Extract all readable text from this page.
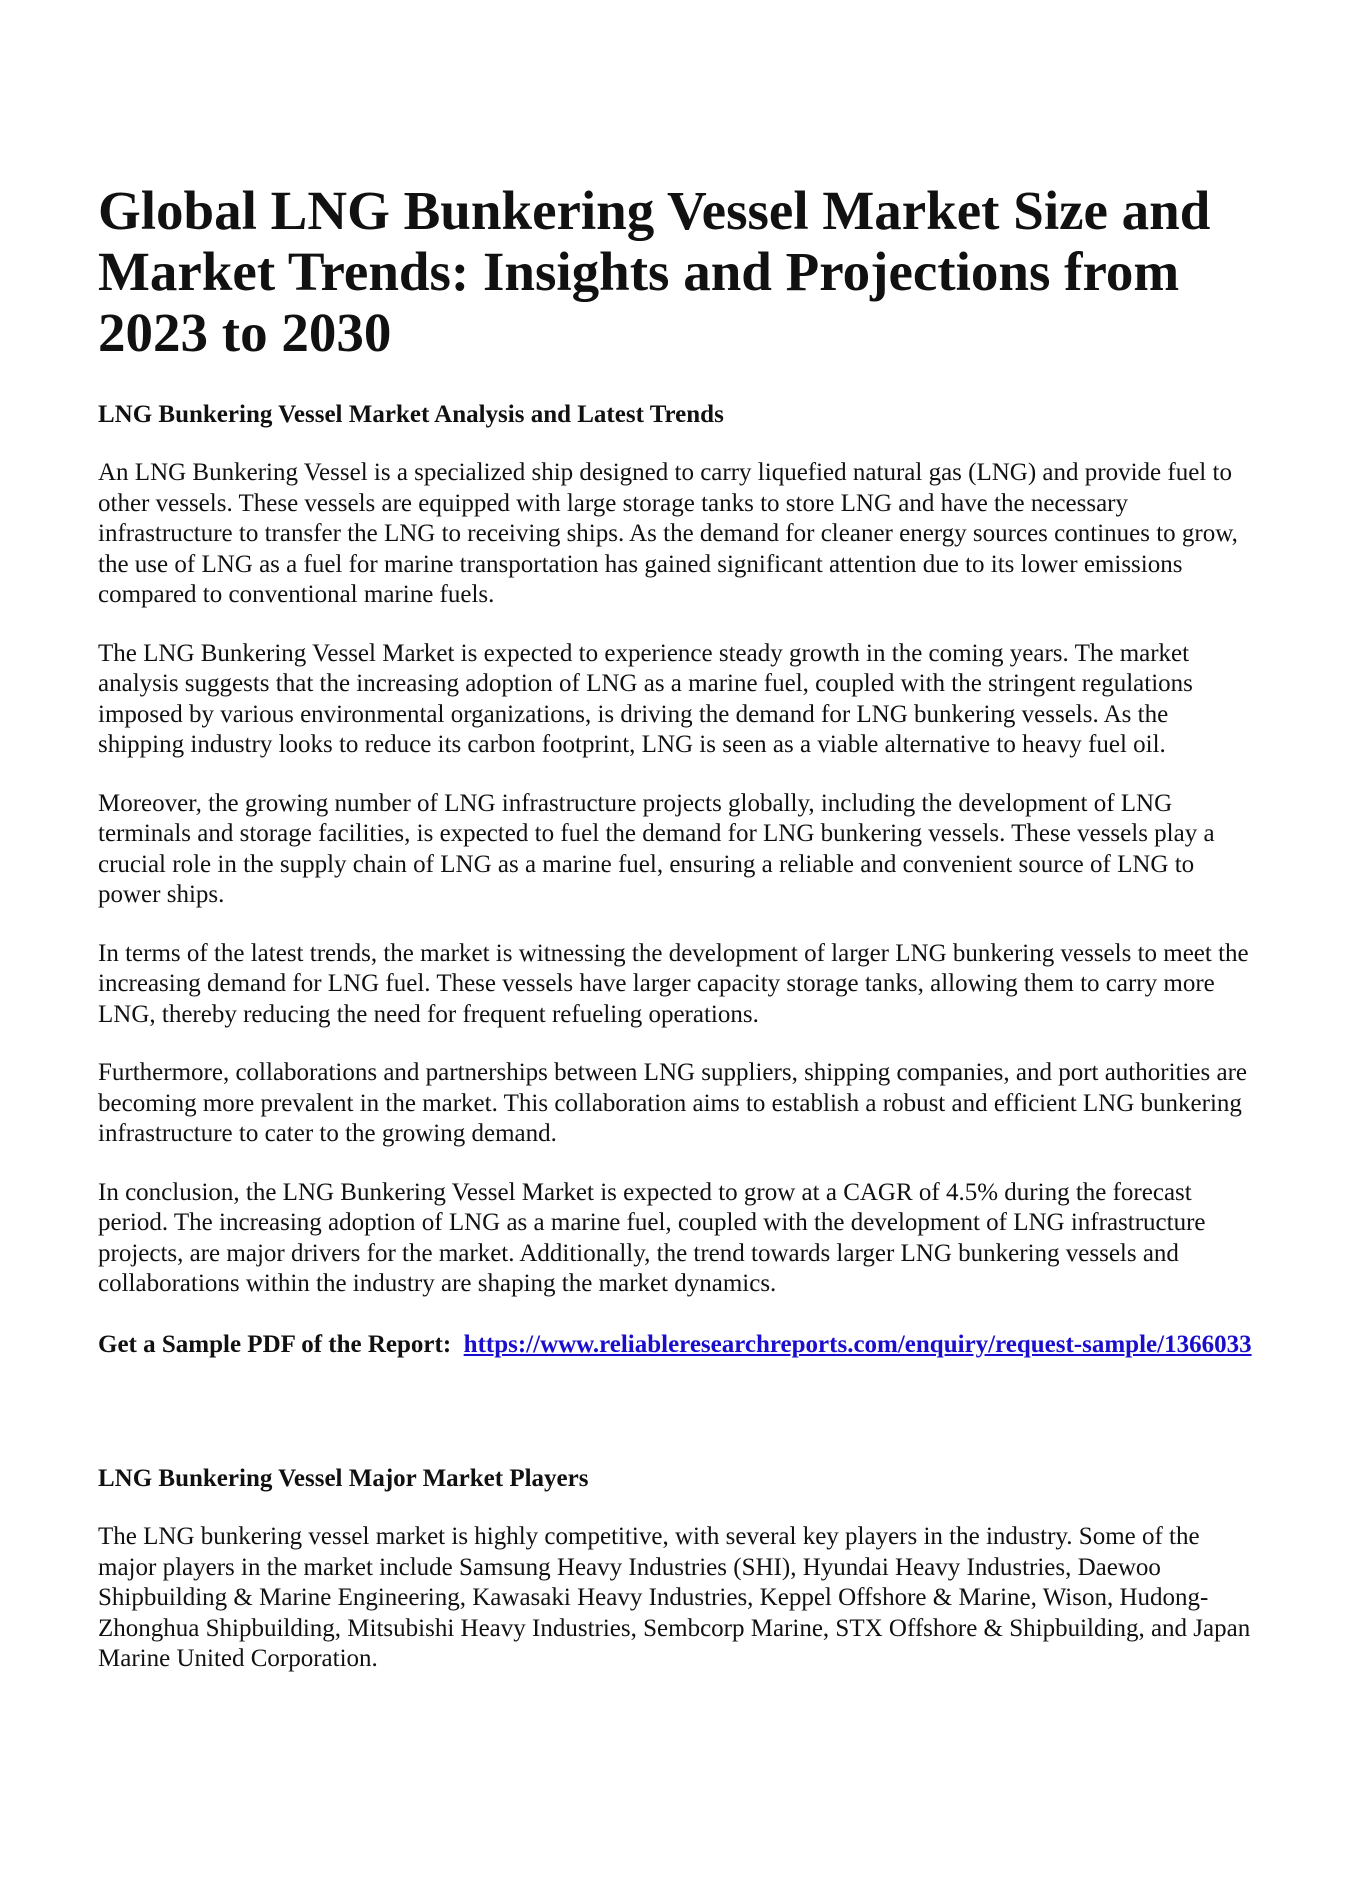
Global LNG Bunkering Vessel Market Size and Market Trends: Insights and Projections from 2023 to 2030
LNG Bunkering Vessel Market Analysis and Latest Trends

An LNG Bunkering Vessel is a specialized ship designed to carry liquefied natural gas (LNG) and provide fuel to other vessels. These vessels are equipped with large storage tanks to store LNG and have the necessary infrastructure to transfer the LNG to receiving ships. As the demand for cleaner energy sources continues to grow, the use of LNG as a fuel for marine transportation has gained significant attention due to its lower emissions compared to conventional marine fuels.

The LNG Bunkering Vessel Market is expected to experience steady growth in the coming years. The market analysis suggests that the increasing adoption of LNG as a marine fuel, coupled with the stringent regulations imposed by various environmental organizations, is driving the demand for LNG bunkering vessels. As the shipping industry looks to reduce its carbon footprint, LNG is seen as a viable alternative to heavy fuel oil.

Moreover, the growing number of LNG infrastructure projects globally, including the development of LNG terminals and storage facilities, is expected to fuel the demand for LNG bunkering vessels. These vessels play a crucial role in the supply chain of LNG as a marine fuel, ensuring a reliable and convenient source of LNG to power ships.

In terms of the latest trends, the market is witnessing the development of larger LNG bunkering vessels to meet the increasing demand for LNG fuel. These vessels have larger capacity storage tanks, allowing them to carry more LNG, thereby reducing the need for frequent refueling operations.

Furthermore, collaborations and partnerships between LNG suppliers, shipping companies, and port authorities are becoming more prevalent in the market. This collaboration aims to establish a robust and efficient LNG bunkering infrastructure to cater to the growing demand.

In conclusion, the LNG Bunkering Vessel Market is expected to grow at a CAGR of 4.5% during the forecast period. The increasing adoption of LNG as a marine fuel, coupled with the development of LNG infrastructure projects, are major drivers for the market. Additionally, the trend towards larger LNG bunkering vessels and collaborations within the industry are shaping the market dynamics.

Get a Sample PDF of the Report: https://www.reliableresearchreports.com/enquiry/request-sample/1366033
LNG Bunkering Vessel Major Market Players

The LNG bunkering vessel market is highly competitive, with several key players in the industry. Some of the major players in the market include Samsung Heavy Industries (SHI), Hyundai Heavy Industries, Daewoo Shipbuilding & Marine Engineering, Kawasaki Heavy Industries, Keppel Offshore & Marine, Wison, Hudong-Zhonghua Shipbuilding, Mitsubishi Heavy Industries, Sembcorp Marine, STX Offshore & Shipbuilding, and Japan Marine United Corporation.
